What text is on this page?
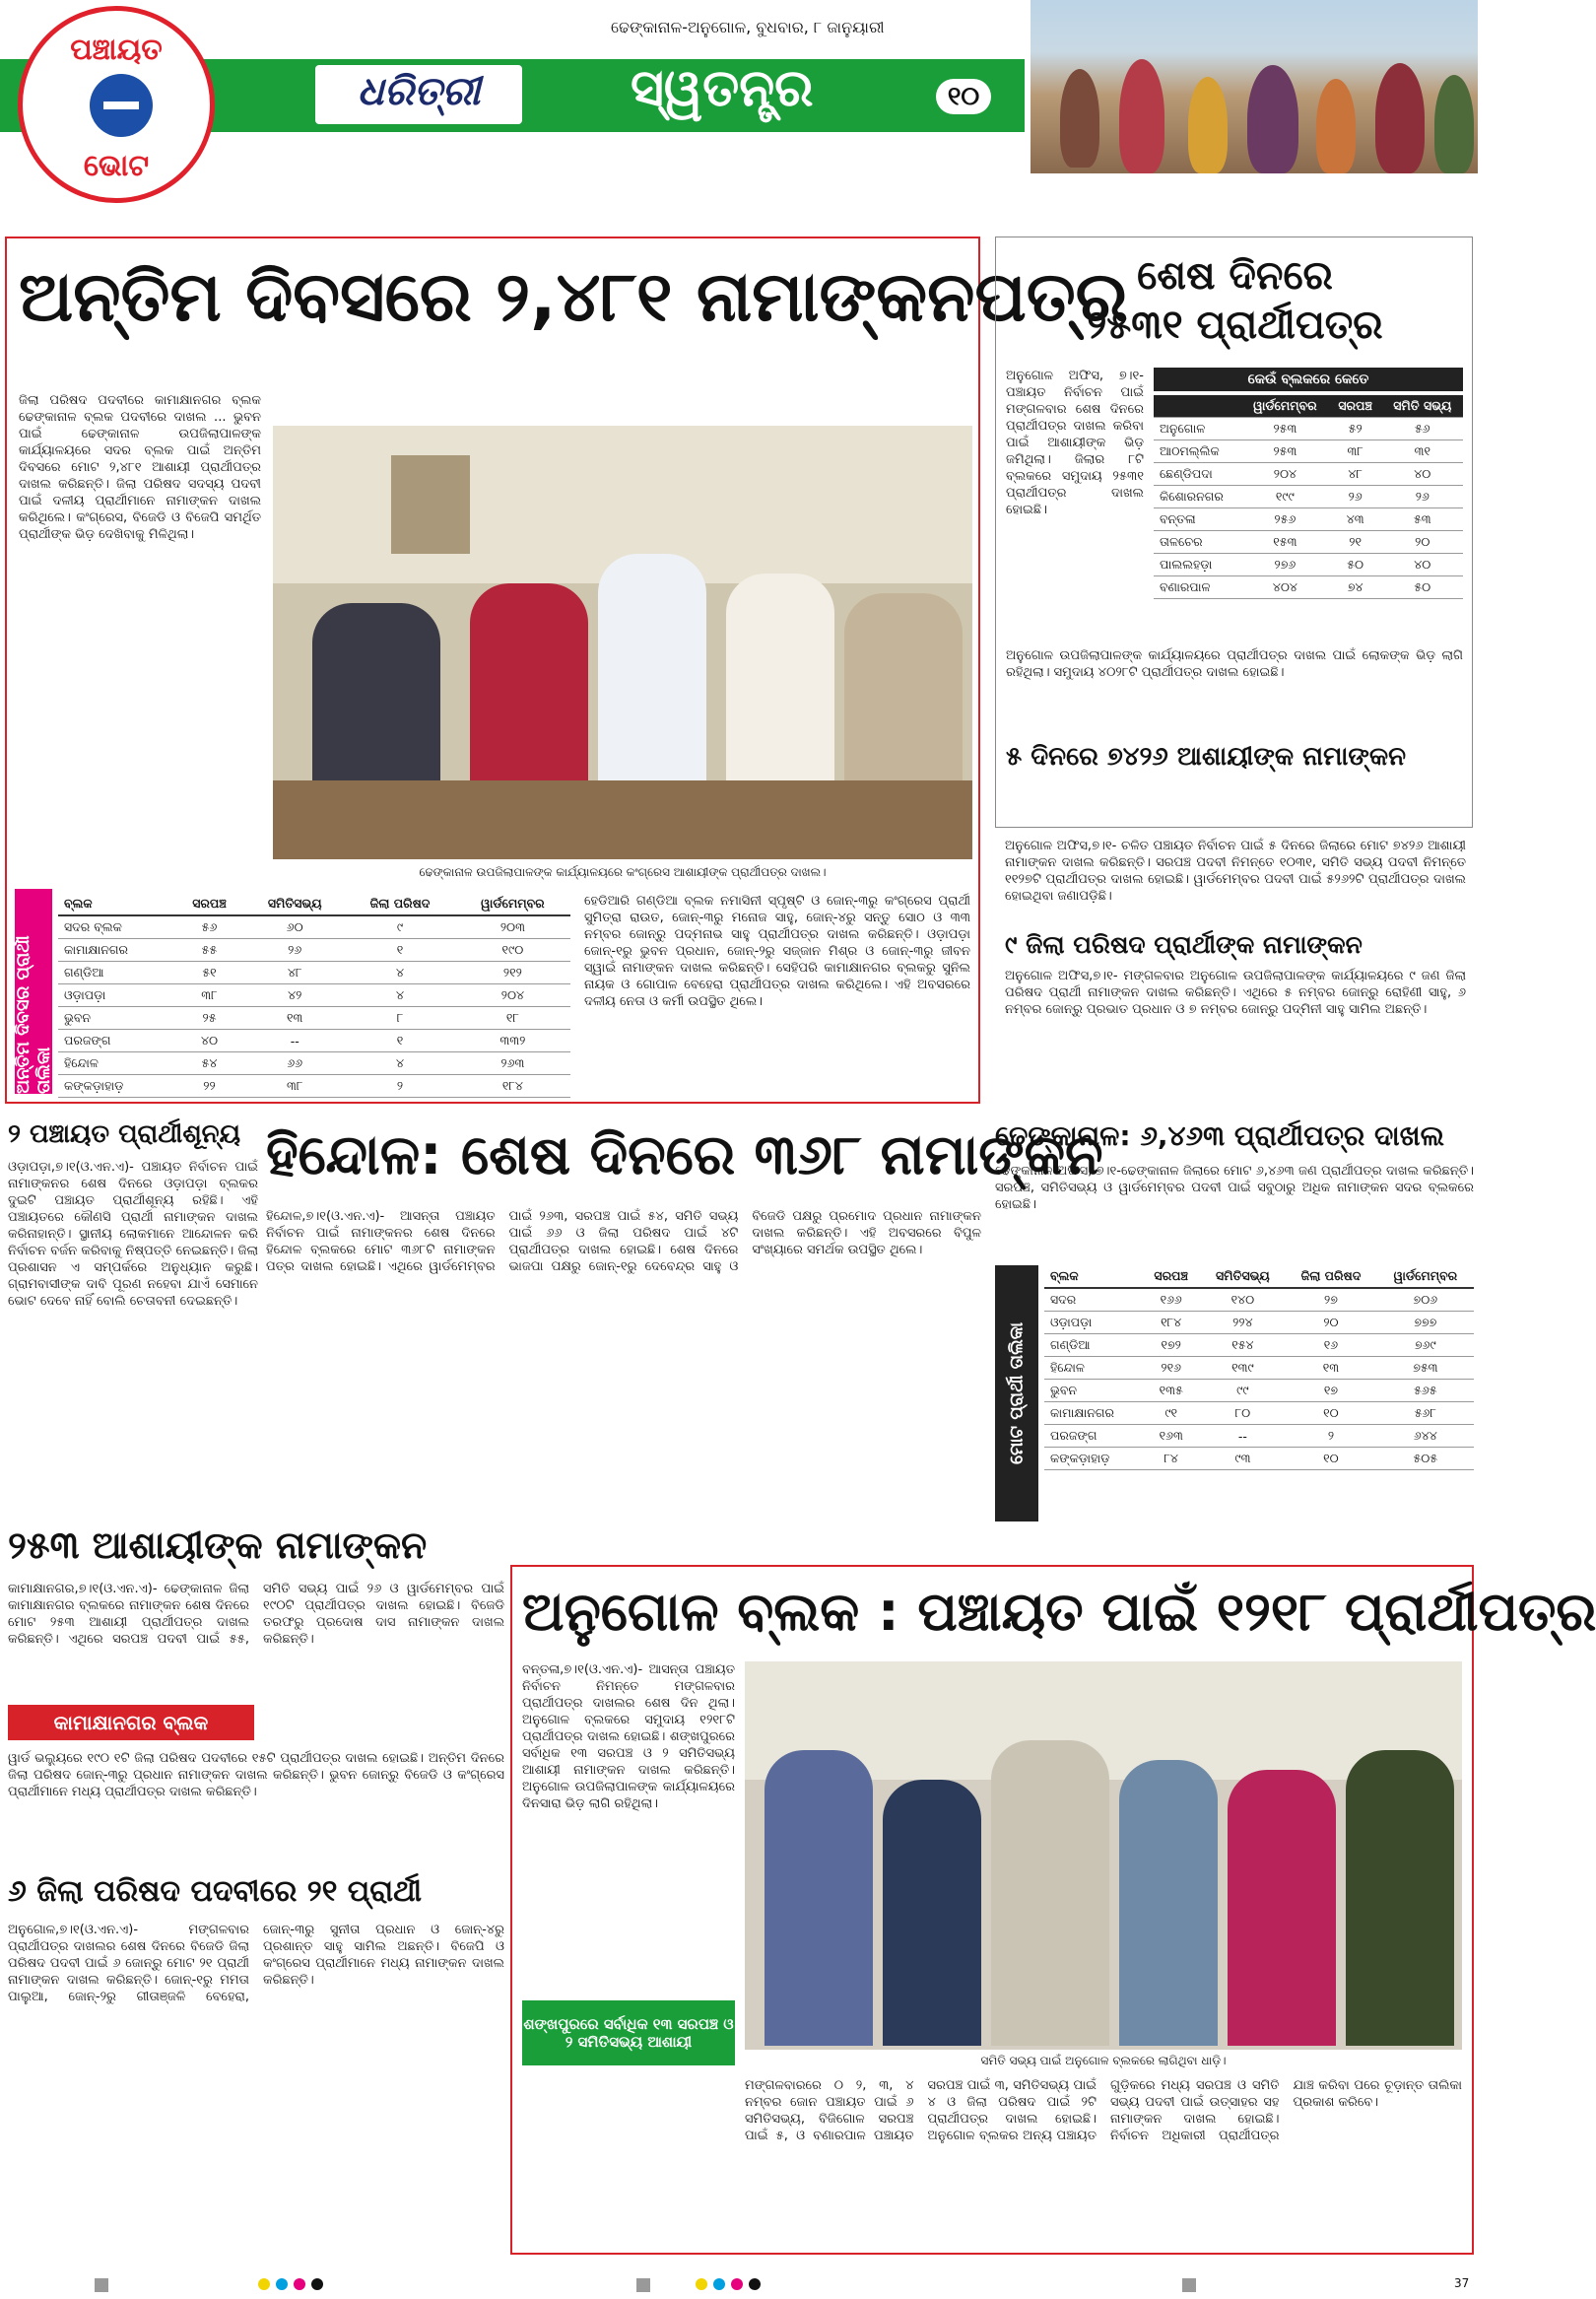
ଢେଙ୍କାନାଳ-ଅନୁଗୋଳ, ବୁଧବାର, ୮ ଜାନୁୟାରୀ
ଧରିତ୍ରୀ	ସ୍ୱତନ୍ତ୍ର	୧୦
ପଞ୍ଚାୟତ
ଭୋଟ
ଅନ୍ତିମ ଦିବସରେ ୨,୪୮୧ ନାମାଙ୍କନପତ୍ର
ଜିଲା ପରିଷଦ ପଦବୀରେ କାମାକ୍ଷାନଗର ବ୍ଲକ ଢେଙ୍କାନାଳ ବ୍ଲକ ପଦବୀରେ ଦାଖଲ ... ଭୁବନ ପାଇଁ ଢେଙ୍କାନାଳ ଉପଜିଲାପାଳଙ୍କ କାର୍ଯ୍ୟାଳୟରେ ସଦର ବ୍ଲକ ପାଇଁ ଅନ୍ତିମ ଦିବସରେ ମୋଟ ୨,୪୮୧ ଆଶାୟୀ ପ୍ରାର୍ଥୀପତ୍ର ଦାଖଲ କରିଛନ୍ତି। ଜିଲା ପରିଷଦ ସଦସ୍ୟ ପଦବୀ ପାଇଁ ଦଳୀୟ ପ୍ରାର୍ଥୀମାନେ ନାମାଙ୍କନ ଦାଖଲ କରିଥିଲେ। କଂଗ୍ରେସ, ବିଜେଡି ଓ ବିଜେପି ସମର୍ଥିତ ପ୍ରାର୍ଥୀଙ୍କ ଭିଡ଼ ଦେଖିବାକୁ ମିଳିଥିଲା।
ଢେଙ୍କାନାଳ ଉପଜିଲାପାଳଙ୍କ କାର୍ଯ୍ୟାଳୟରେ କଂଗ୍ରେସ ଆଶାୟୀଙ୍କ ପ୍ରାର୍ଥୀପତ୍ର ଦାଖଲ।
ଅନ୍ତିମ ଦିବସର ପ୍ରାର୍ଥୀ ତାଲିକା
ବ୍ଲକ	ସରପଞ୍ଚ	ସମିତିସଭ୍ୟ	ଜିଲା ପରିଷଦ	ୱାର୍ଡମେମ୍ବର
ସଦର ବ୍ଲକ	୫୬	୬୦	୯	୨୦୩
କାମାକ୍ଷାନଗର	୫୫	୨୬	୧	୧୯୦
ଗଣ୍ଡିଆ	୫୧	୪୮	୪	୨୧୨
ଓଡ଼ାପଡ଼ା	୩୮	୪୨	୪	୨୦୪
ଭୁବନ	୨୫	୧୩	୮	୧୮
ପରଜଙ୍ଗ	୪୦	--	୧	୩୩୨
ହିନ୍ଦୋଳ	୫୪	୬୬	୪	୨୬୩
କଙ୍କଡ଼ାହାଡ଼	୨୨	୩୮	୨	୧୮୪
ହେଡିଆରି ଗଣ୍ଡିଆ ବ୍ଲକ ନମାସିନୀ ସ୍ପୃଷ୍ଟି ଓ ଜୋନ୍-୩ରୁ କଂଗ୍ରେସ ପ୍ରାର୍ଥୀ ସୁମିତ୍ରା ରାଉତ, ଜୋନ୍-୩ରୁ ମନୋଜ ସାହୁ, ଜୋନ୍-୪ରୁ ସନ୍ତୁ ସୋଠ ଓ ୩୩ ନମ୍ବର ଜୋନ୍‌ରୁ ପଦ୍ମନାଭ ସାହୁ ପ୍ରାର୍ଥୀପତ୍ର ଦାଖଲ କରିଛନ୍ତି। ଓଡ଼ାପଡ଼ା ଜୋନ୍-୧ରୁ ଭୁବନ ପ୍ରଧାନ, ଜୋନ୍-୨ରୁ ସଜ୍ଜାନ ମିଶ୍ର ଓ ଜୋନ୍-୩ରୁ ଜୀବନ ସ୍ୱାଇଁ ନାମାଙ୍କନ ଦାଖଲ କରିଛନ୍ତି। ସେହିପରି କାମାକ୍ଷାନଗର ବ୍ଲକରୁ ସୁନିଲ ନାୟକ ଓ ଗୋପାଳ ବେହେରା ପ୍ରାର୍ଥୀପତ୍ର ଦାଖଲ କରିଥିଲେ। ଏହି ଅବସରରେ ଦଳୀୟ ନେତା ଓ କର୍ମୀ ଉପସ୍ଥିତ ଥିଲେ।
ଶେଷ ଦିନରେ
୨୫୩୧ ପ୍ରାର୍ଥୀପତ୍ର
ଅନୁଗୋଳ ଅଫିସ, ୭।୧- ପଞ୍ଚାୟତ ନିର୍ବାଚନ ପାଇଁ ମଙ୍ଗଳବାର ଶେଷ ଦିନରେ ପ୍ରାର୍ଥୀପତ୍ର ଦାଖଲ କରିବା ପାଇଁ ଆଶାୟୀଙ୍କ ଭିଡ଼ ଜମିଥିଲା। ଜିଲାର ୮ଟି ବ୍ଲକରେ ସମୁଦାୟ ୨୫୩୧ ପ୍ରାର୍ଥୀପତ୍ର ଦାଖଲ ହୋଇଛି।
କେଉଁ ବ୍ଲକରେ କେତେ
	ୱାର୍ଡମେମ୍ବର	ସରପଞ୍ଚ	ସମିତି ସଭ୍ୟ
ଅନୁଗୋଳ	୨୫୩	୫୨	୫୬
ଆଠମଲ୍ଲିକ	୨୫୩	୩୮	୩୧
ଛେଣ୍ଡିପଦା	୨୦୪	୪୮	୪୦
କିଶୋରନଗର	୧୯୯	୨୬	୨୬
ବନ୍ତଳା	୨୫୬	୪୩	୫୩
ତାଳଚେର	୧୫୩	୨୧	୨୦
ପାଲଲହଡ଼ା	୨୭୬	୫୦	୪୦
ବଣାରପାଳ	୪୦୪	୭୪	୫୦
ଅନୁଗୋଳ ଉପଜିଲାପାଳଙ୍କ କାର୍ଯ୍ୟାଳୟରେ ପ୍ରାର୍ଥୀପତ୍ର ଦାଖଲ ପାଇଁ ଲୋକଙ୍କ ଭିଡ଼ ଲାଗି ରହିଥିଲା। ସମୁଦାୟ ୪୦୨୮ଟି ପ୍ରାର୍ଥୀପତ୍ର ଦାଖଲ ହୋଇଛି।
୫ ଦିନରେ ୭୪୨୬ ଆଶାୟୀଙ୍କ ନାମାଙ୍କନ
ଅନୁଗୋଳ ଅଫିସ,୭।୧- ଚଳିତ ପଞ୍ଚାୟତ ନିର୍ବାଚନ ପାଇଁ ୫ ଦିନରେ ଜିଲାରେ ମୋଟ ୭୪୨୬ ଆଶାୟୀ ନାମାଙ୍କନ ଦାଖଲ କରିଛନ୍ତି। ସରପଞ୍ଚ ପଦବୀ ନିମନ୍ତେ ୧୦୩୧, ସମିତି ସଭ୍ୟ ପଦବୀ ନିମନ୍ତେ ୧୧୨୭ଟି ପ୍ରାର୍ଥୀପତ୍ର ଦାଖଲ ହୋଇଛି। ୱାର୍ଡମେମ୍ବର ପଦବୀ ପାଇଁ ୫୨୬୨ଟି ପ୍ରାର୍ଥୀପତ୍ର ଦାଖଲ ହୋଇଥିବା ଜଣାପଡ଼ିଛି।
୯ ଜିଲା ପରିଷଦ ପ୍ରାର୍ଥୀଙ୍କ ନାମାଙ୍କନ
ଅନୁଗୋଳ ଅଫିସ,୭।୧- ମଙ୍ଗଳବାର ଅନୁଗୋଳ ଉପଜିଲାପାଳଙ୍କ କାର୍ଯ୍ୟାଳୟରେ ୯ ଜଣ ଜିଲା ପରିଷଦ ପ୍ରାର୍ଥୀ ନାମାଙ୍କନ ଦାଖଲ କରିଛନ୍ତି। ଏଥିରେ ୫ ନମ୍ବର ଜୋନ୍‌ରୁ ରୋହିଣୀ ସାହୁ, ୬ ନମ୍ବର ଜୋନ୍‌ରୁ ପ୍ରଭାତ ପ୍ରଧାନ ଓ ୭ ନମ୍ବର ଜୋନ୍‌ରୁ ପଦ୍ମିନୀ ସାହୁ ସାମିଲ ଅଛନ୍ତି।
୨ ପଞ୍ଚାୟତ ପ୍ରାର୍ଥୀଶୂନ୍ୟ
ଓଡ଼ାପଡ଼ା,୭।୧(ଓ.ଏନ.ଏ)- ପଞ୍ଚାୟତ ନିର୍ବାଚନ ପାଇଁ ନାମାଙ୍କନର ଶେଷ ଦିନରେ ଓଡ଼ାପଡ଼ା ବ୍ଲକର ଦୁଇଟି ପଞ୍ଚାୟତ ପ୍ରାର୍ଥୀଶୂନ୍ୟ ରହିଛି। ଏହି ପଞ୍ଚାୟତରେ କୌଣସି ପ୍ରାର୍ଥୀ ନାମାଙ୍କନ ଦାଖଲ କରିନାହାନ୍ତି। ସ୍ଥାନୀୟ ଲୋକମାନେ ଆନ୍ଦୋଳନ କରି ନିର୍ବାଚନ ବର୍ଜନ କରିବାକୁ ନିଷ୍ପତ୍ତି ନେଇଛନ୍ତି। ଜିଲା ପ୍ରଶାସନ ଏ ସମ୍ପର୍କରେ ଅନୁଧ୍ୟାନ କରୁଛି। ଗ୍ରାମବାସୀଙ୍କ ଦାବି ପୂରଣ ନହେବା ଯାଏଁ ସେମାନେ ଭୋଟ ଦେବେ ନାହିଁ ବୋଲି ଚେତାବନୀ ଦେଇଛନ୍ତି।
ହିନ୍ଦୋଳ: ଶେଷ ଦିନରେ ୩୬୮ ନାମାଙ୍କନ
ହିନ୍ଦୋଳ,୭।୧(ଓ.ଏନ.ଏ)- ଆସନ୍ତା ପଞ୍ଚାୟତ ନିର୍ବାଚନ ପାଇଁ ନାମାଙ୍କନର ଶେଷ ଦିନରେ ହିନ୍ଦୋଳ ବ୍ଲକରେ ମୋଟ ୩୬୮ଟି ନାମାଙ୍କନ ପତ୍ର ଦାଖଲ ହୋଇଛି। ଏଥିରେ ୱାର୍ଡମେମ୍ବର ପାଇଁ ୨୬୩, ସରପଞ୍ଚ ପାଇଁ ୫୪, ସମିତି ସଭ୍ୟ ପାଇଁ ୬୬ ଓ ଜିଲା ପରିଷଦ ପାଇଁ ୪ଟି ପ୍ରାର୍ଥୀପତ୍ର ଦାଖଲ ହୋଇଛି। ଶେଷ ଦିନରେ ଭାଜପା ପକ୍ଷରୁ ଜୋନ୍-୧ରୁ ଦେବେନ୍ଦ୍ର ସାହୁ ଓ ବିଜେଡି ପକ୍ଷରୁ ପ୍ରମୋଦ ପ୍ରଧାନ ନାମାଙ୍କନ ଦାଖଲ କରିଛନ୍ତି। ଏହି ଅବସରରେ ବିପୁଳ ସଂଖ୍ୟାରେ ସମର୍ଥକ ଉପସ୍ଥିତ ଥିଲେ।
ଢେଙ୍କାନାଳ: ୬,୪୬୩ ପ୍ରାର୍ଥୀପତ୍ର ଦାଖଲ
ଢେଙ୍କାନାଳ ଅଫିସ, ୭।୧-ଢେଙ୍କାନାଳ ଜିଲାରେ ମୋଟ ୬,୪୬୩ ଜଣ ପ୍ରାର୍ଥୀପତ୍ର ଦାଖଲ କରିଛନ୍ତି। ସରପଞ୍ଚ, ସମିତିସଭ୍ୟ ଓ ୱାର୍ଡମେମ୍ବର ପଦବୀ ପାଇଁ ସବୁଠାରୁ ଅଧିକ ନାମାଙ୍କନ ସଦର ବ୍ଲକରେ ହୋଇଛି।
ମୋଟ ପ୍ରାର୍ଥୀ ତାଲିକା
ବ୍ଲକ	ସରପଞ୍ଚ	ସମିତିସଭ୍ୟ	ଜିଲା ପରିଷଦ	ୱାର୍ଡମେମ୍ବର
ସଦର	୧୬୬	୧୪୦	୨୭	୭୦୬
ଓଡ଼ାପଡ଼ା	୧୮୪	୨୨୪	୨୦	୭୭୭
ଗଣ୍ଡିଆ	୧୭୨	୧୫୪	୧୬	୭୬୯
ହିନ୍ଦୋଳ	୨୧୬	୧୩୯	୧୩	୭୫୩
ଭୁବନ	୧୩୫	୯୯	୧୭	୫୬୫
କାମାକ୍ଷାନଗର	୯୧	୮୦	୧୦	୫୬୮
ପରଜଙ୍ଗ	୧୬୩	--	୨	୬୪୪
କଙ୍କଡ଼ାହାଡ଼	୮୪	୯୩	୧୦	୫୦୫
୨୫୩ ଆଶାୟୀଙ୍କ ନାମାଙ୍କନ
କାମାକ୍ଷାନଗର,୭।୧(ଓ.ଏନ.ଏ)- ଢେଙ୍କାନାଳ ଜିଲା କାମାକ୍ଷାନଗର ବ୍ଲକରେ ନାମାଙ୍କନ ଶେଷ ଦିନରେ ମୋଟ ୨୫୩ ଆଶାୟୀ ପ୍ରାର୍ଥୀପତ୍ର ଦାଖଲ କରିଛନ୍ତି। ଏଥିରେ ସରପଞ୍ଚ ପଦବୀ ପାଇଁ ୫୫, ସମିତି ସଭ୍ୟ ପାଇଁ ୨୬ ଓ ୱାର୍ଡମେମ୍ବର ପାଇଁ ୧୯୦ଟି ପ୍ରାର୍ଥୀପତ୍ର ଦାଖଲ ହୋଇଛି। ବିଜେଡି ତରଫରୁ ପ୍ରଦୋଷ ଦାସ ନାମାଙ୍କନ ଦାଖଲ କରିଛନ୍ତି।
କାମାକ୍ଷାନଗର ବ୍ଲକ
ୱାର୍ଡ ଭଲ୍ୟୁରେ ୧୯୦ ୧ଟି ଜିଲା ପରିଷଦ ପଦବୀରେ ୧୫ଟି ପ୍ରାର୍ଥୀପତ୍ର ଦାଖଲ ହୋଇଛି। ଅନ୍ତିମ ଦିନରେ ଜିଲା ପରିଷଦ ଜୋନ୍-୩ରୁ ପ୍ରଧାନ ନାମାଙ୍କନ ଦାଖଲ କରିଛନ୍ତି। ଭୁବନ ଜୋନ୍‌ରୁ ବିଜେଡି ଓ କଂଗ୍ରେସ ପ୍ରାର୍ଥୀମାନେ ମଧ୍ୟ ପ୍ରାର୍ଥୀପତ୍ର ଦାଖଲ କରିଛନ୍ତି।
୬ ଜିଲା ପରିଷଦ ପଦବୀରେ ୨୧ ପ୍ରାର୍ଥୀ
ଅନୁଗୋଳ,୭।୧(ଓ.ଏନ.ଏ)- ମଙ୍ଗଳବାର ପ୍ରାର୍ଥୀପତ୍ର ଦାଖଲର ଶେଷ ଦିନରେ ବିଜେଡି ଜିଲା ପରିଷଦ ପଦବୀ ପାଇଁ ୬ ଜୋନ୍‌ରୁ ମୋଟ ୨୧ ପ୍ରାର୍ଥୀ ନାମାଙ୍କନ ଦାଖଲ କରିଛନ୍ତି। ଜୋନ୍-୧ରୁ ମମତା ପାଲୁଆ, ଜୋନ୍-୨ରୁ ଗୀତାଞ୍ଜଳି ବେହେରା, ଜୋନ୍-୩ରୁ ସୁନୀତା ପ୍ରଧାନ ଓ ଜୋନ୍-୪ରୁ ପ୍ରଶାନ୍ତ ସାହୁ ସାମିଲ ଅଛନ୍ତି। ବିଜେପି ଓ କଂଗ୍ରେସ ପ୍ରାର୍ଥୀମାନେ ମଧ୍ୟ ନାମାଙ୍କନ ଦାଖଲ କରିଛନ୍ତି।
ଅନୁଗୋଳ ବ୍ଲକ : ପଞ୍ଚାୟତ ପାଇଁ ୧୨୧୮ ପ୍ରାର୍ଥୀପତ୍ର
ବନ୍ତଳା,୭।୧(ଓ.ଏନ.ଏ)- ଆସନ୍ତା ପଞ୍ଚାୟତ ନିର୍ବାଚନ ନିମନ୍ତେ ମଙ୍ଗଳବାର ପ୍ରାର୍ଥୀପତ୍ର ଦାଖଲର ଶେଷ ଦିନ ଥିଲା। ଅନୁଗୋଳ ବ୍ଲକରେ ସମୁଦାୟ ୧୨୧୮ଟି ପ୍ରାର୍ଥୀପତ୍ର ଦାଖଲ ହୋଇଛି। ଶଙ୍ଖପୁରରେ ସର୍ବାଧିକ ୧୩ ସରପଞ୍ଚ ଓ ୨ ସମିତିସଭ୍ୟ ଆଶାୟୀ ନାମାଙ୍କନ ଦାଖଲ କରିଛନ୍ତି। ଅନୁଗୋଳ ଉପଜିଲାପାଳଙ୍କ କାର୍ଯ୍ୟାଳୟରେ ଦିନସାରା ଭିଡ଼ ଲାଗି ରହିଥିଲା।
ଶଙ୍ଖପୁରରେ ସର୍ବାଧିକ ୧୩ ସରପଞ୍ଚ ଓ ୨ ସମିତିସଭ୍ୟ ଆଶାୟୀ
ସମିତି ସଭ୍ୟ ପାଇଁ ଅନୁଗୋଳ ବ୍ଲକରେ ଲାଗିଥିବା ଧାଡ଼ି।
ମଙ୍ଗଳବାରରେ ୦ ୨, ୩, ୪ ନମ୍ବର ଜୋନ ପଞ୍ଚାୟତ ପାଇଁ ୬ ସମିତିସଭ୍ୟ, ବିଜିଗୋଳ ସରପଞ୍ଚ ପାଇଁ ୫, ଓ ବଣାରପାଳ ପଞ୍ଚାୟତ ସରପଞ୍ଚ ପାଇଁ ୩, ସମିତିସଭ୍ୟ ପାଇଁ ୪ ଓ ଜିଲା ପରିଷଦ ପାଇଁ ୨ଟି ପ୍ରାର୍ଥୀପତ୍ର ଦାଖଲ ହୋଇଛି। ଅନୁଗୋଳ ବ୍ଲକର ଅନ୍ୟ ପଞ୍ଚାୟତ ଗୁଡ଼ିକରେ ମଧ୍ୟ ସରପଞ୍ଚ ଓ ସମିତି ସଭ୍ୟ ପଦବୀ ପାଇଁ ଉତ୍ସାହର ସହ ନାମାଙ୍କନ ଦାଖଲ ହୋଇଛି। ନିର୍ବାଚନ ଅଧିକାରୀ ପ୍ରାର୍ଥୀପତ୍ର ଯାଞ୍ଚ କରିବା ପରେ ଚୂଡ଼ାନ୍ତ ତାଲିକା ପ୍ରକାଶ କରିବେ।
37
